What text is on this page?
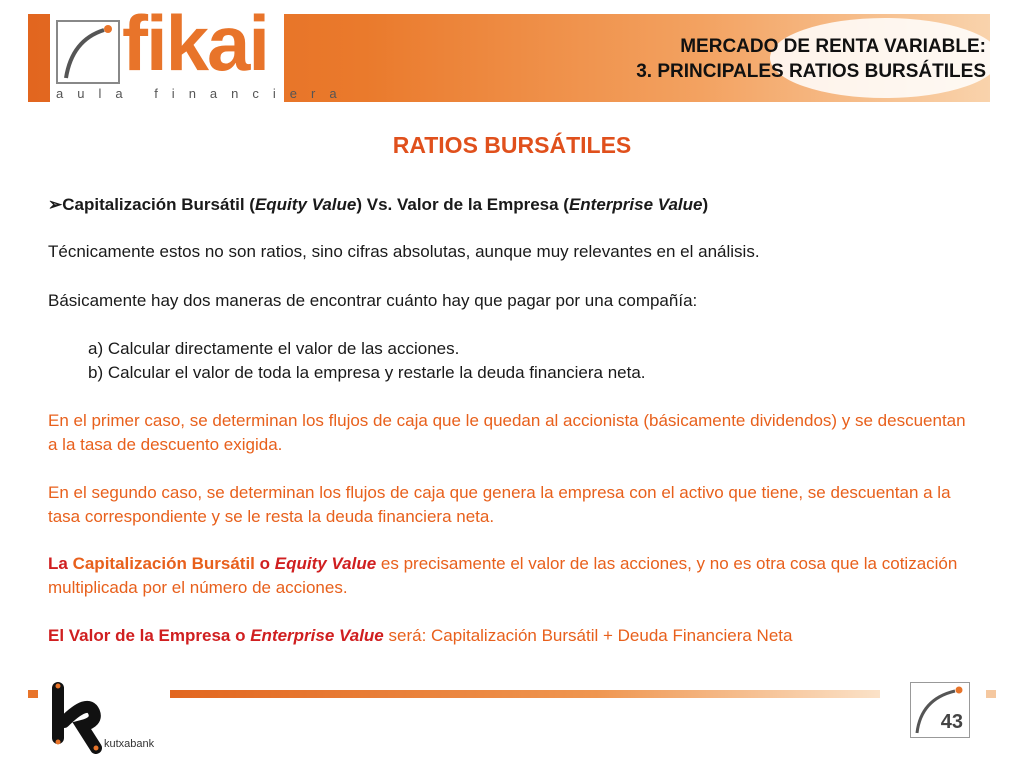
fikai
aula financiera
MERCADO DE RENTA VARIABLE:
3. PRINCIPALES RATIOS BURSÁTILES
RATIOS BURSÁTILES
➢Capitalización Bursátil (Equity Value) Vs. Valor de la Empresa (Enterprise Value)
Técnicamente estos no son ratios, sino cifras absolutas, aunque muy relevantes en el análisis.
Básicamente hay dos maneras de encontrar cuánto hay que pagar por una compañía:
a) Calcular directamente el valor de las acciones.
b) Calcular el valor de toda la empresa y restarle la deuda financiera neta.
En el primer caso, se determinan los flujos de caja que le quedan al accionista (básicamente dividendos) y se descuentan a la tasa de descuento exigida.
En el segundo caso, se determinan los flujos de caja que genera la empresa con el activo que tiene, se descuentan a la tasa correspondiente y se le resta la deuda financiera neta.
La Capitalización Bursátil o Equity Value es precisamente el valor de las acciones, y no es otra cosa que la cotización multiplicada por el número de acciones.
El Valor de la Empresa o Enterprise Value será: Capitalización Bursátil + Deuda Financiera Neta
kutxabank
43
